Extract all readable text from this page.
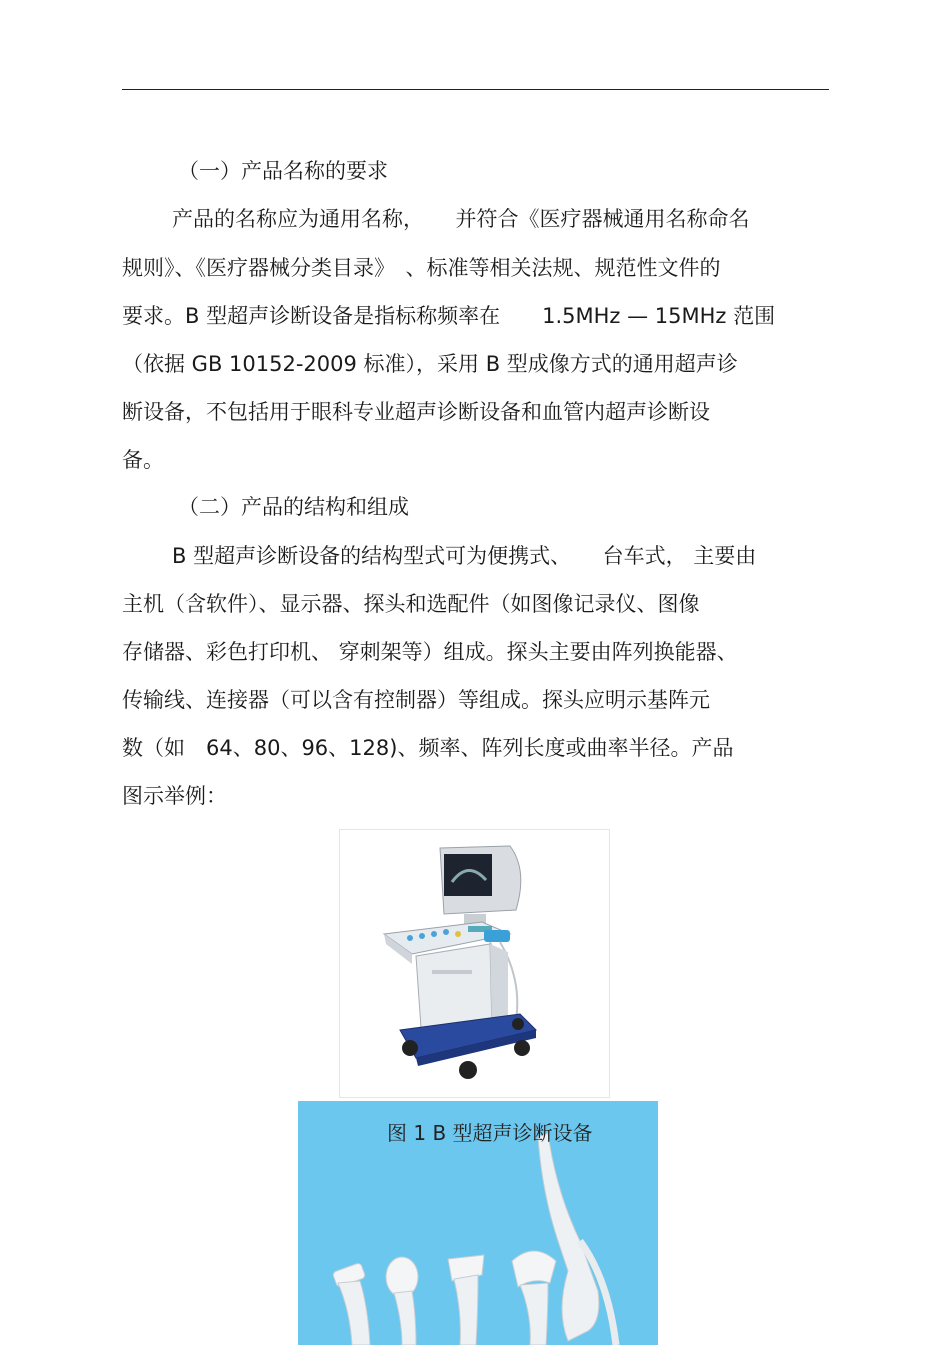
（一）产品名称的要求
产品的名称应为通用名称，　　并符合《医疗器械通用名称命名
规则》、《医疗器械分类目录》　、标准等相关法规、规范性文件的
要求。B 型超声诊断设备是指标称频率在　　1.5MHz — 15MHz 范围
（依据 GB 10152-2009 标准），采用 B 型成像方式的通用超声诊
断设备，不包括用于眼科专业超声诊断设备和血管内超声诊断设
备。
（二）产品的结构和组成
B 型超声诊断设备的结构型式可为便携式、　　台车式， 主要由
主机（含软件）、显示器、探头和选配件（如图像记录仪、图像
存储器、彩色打印机、 穿刺架等）组成。探头主要由阵列换能器、
传输线、连接器（可以含有控制器）等组成。探头应明示基阵元
数（如　64、80、96、128)、频率、阵列长度或曲率半径。产品
图示举例：
图 1 B 型超声诊断设备
